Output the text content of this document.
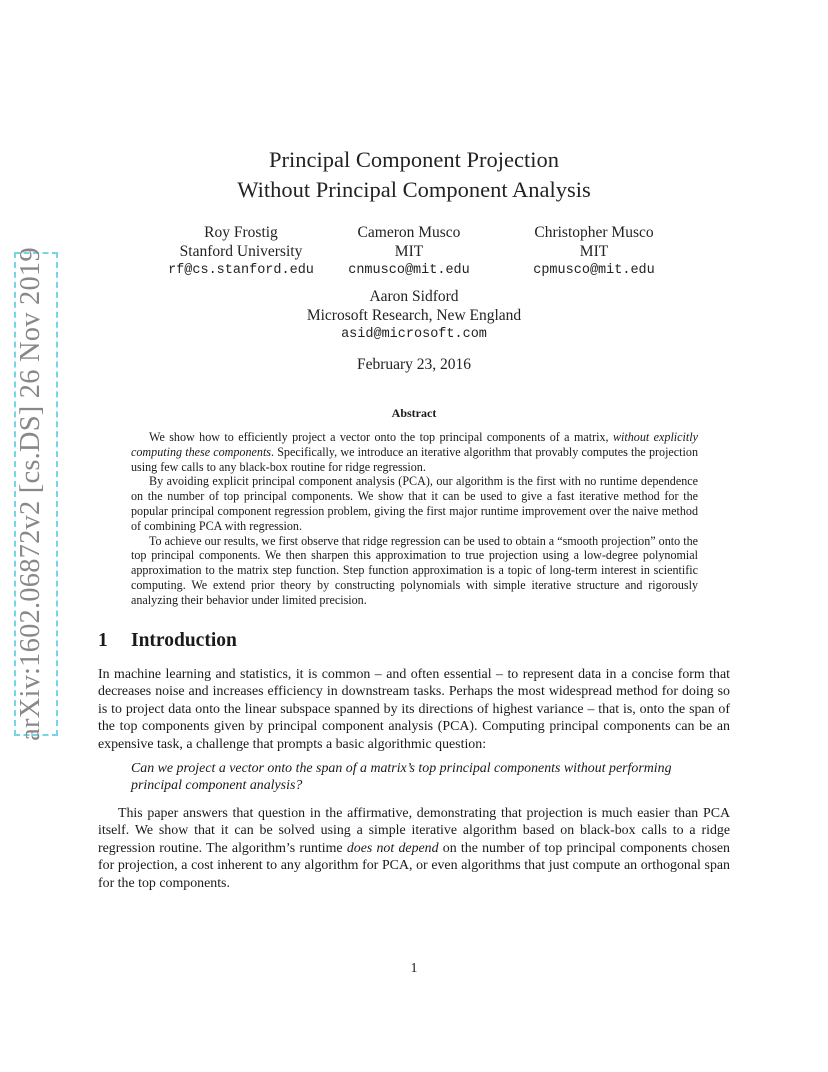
arXiv:1602.06872v2 [cs.DS] 26 Nov 2019
Principal Component Projection
Without Principal Component Analysis
Roy Frostig
Stanford University
rf@cs.stanford.edu
Cameron Musco
MIT
cnmusco@mit.edu
Christopher Musco
MIT
cpmusco@mit.edu
Aaron Sidford
Microsoft Research, New England
asid@microsoft.com
February 23, 2016
Abstract

We show how to efficiently project a vector onto the top principal components of a matrix, without explicitly computing these components. Specifically, we introduce an iterative algorithm that provably computes the projection using few calls to any black-box routine for ridge regression.

By avoiding explicit principal component analysis (PCA), our algorithm is the first with no runtime dependence on the number of top principal components. We show that it can be used to give a fast iterative method for the popular principal component regression problem, giving the first major runtime improvement over the naive method of combining PCA with regression.

To achieve our results, we first observe that ridge regression can be used to obtain a “smooth projection” onto the top principal components. We then sharpen this approximation to true projection using a low-degree polynomial approximation to the matrix step function. Step function approximation is a topic of long-term interest in scientific computing. We extend prior theory by constructing polynomials with simple iterative structure and rigorously analyzing their behavior under limited precision.

1 Introduction

In machine learning and statistics, it is common – and often essential – to represent data in a concise form that decreases noise and increases efficiency in downstream tasks. Perhaps the most widespread method for doing so is to project data onto the linear subspace spanned by its directions of highest variance – that is, onto the span of the top components given by principal component analysis (PCA). Computing principal components can be an expensive task, a challenge that prompts a basic algorithmic question:

Can we project a vector onto the span of a matrix’s top principal components without performing principal component analysis?

This paper answers that question in the affirmative, demonstrating that projection is much easier than PCA itself. We show that it can be solved using a simple iterative algorithm based on black-box calls to a ridge regression routine. The algorithm’s runtime does not depend on the number of top principal components chosen for projection, a cost inherent to any algorithm for PCA, or even algorithms that just compute an orthogonal span for the top components.

1
